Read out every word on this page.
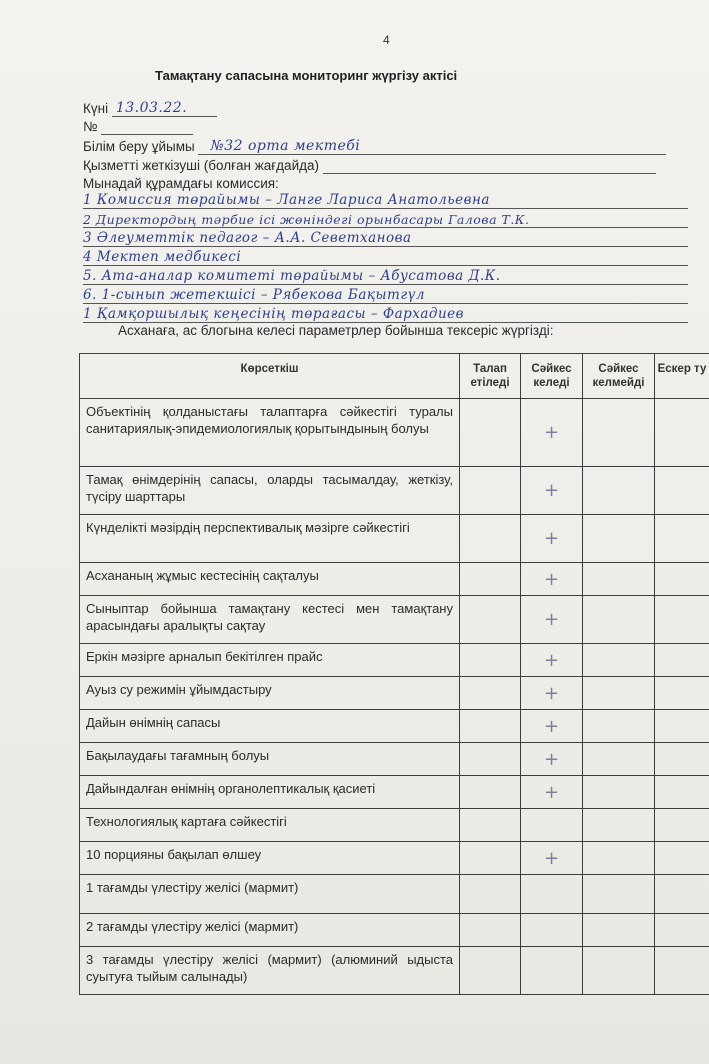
4
Тамақтану сапасына мониторинг жүргізу актісі
Күні 13.03.22.
№
Білім беру ұйымы №32 орта мектебі
Қызметті жеткізуші (болған жағдайда)
Мынадай құрамдағы комиссия:
1 Комиссия төрайымы – Ланге Лариса Анатольевна
2 Директордың тәрбие ісі жөніндегі орынбасары Галова Т.К.
3 Әлеуметтік педагог – А.А. Севетханова
4 Мектеп медбикесі
5. Ата-аналар комитеті төрайымы – Абусатова Д.К.
6. 1-сынып жетекшісі – Рябекова Бақытгүл
1 Қамқоршылық кеңесінің төрағасы – Фархадиев
Асханаға, ас блогына келесі параметрлер бойынша тексеріс жүргізді:
Көрсеткіш	Талап етіледі	Сәйкес келеді	Сәйкес келмейді	Ескер ту
Объектінің қолданыстағы талаптарға сәйкестігі туралы санитариялық-эпидемиологиялық қорытындының болуы		+		
Тамақ өнімдерінің сапасы, оларды тасымалдау, жеткізу, түсіру шарттары		+		
Күнделікті мәзірдің перспективалық мәзірге сәйкестігі		+		
Асхананың жұмыс кестесінің сақталуы		+		
Сыныптар бойынша тамақтану кестесі мен тамақтану арасындағы аралықты сақтау		+		
Еркін мәзірге арналып бекітілген прайс		+		
Ауыз су режимін ұйымдастыру		+		
Дайын өнімнің сапасы		+		
Бақылаудағы тағамның болуы		+		
Дайындалған өнімнің органолептикалық қасиеті		+		
Технологиялық картаға сәйкестігі				
10 порцияны бақылап өлшеу		+		
1 тағамды үлестіру желісі (мармит)				
2 тағамды үлестіру желісі (мармит)				
3 тағамды үлестіру желісі (мармит) (алюминий ыдыста суытуға тыйым салынады)				
